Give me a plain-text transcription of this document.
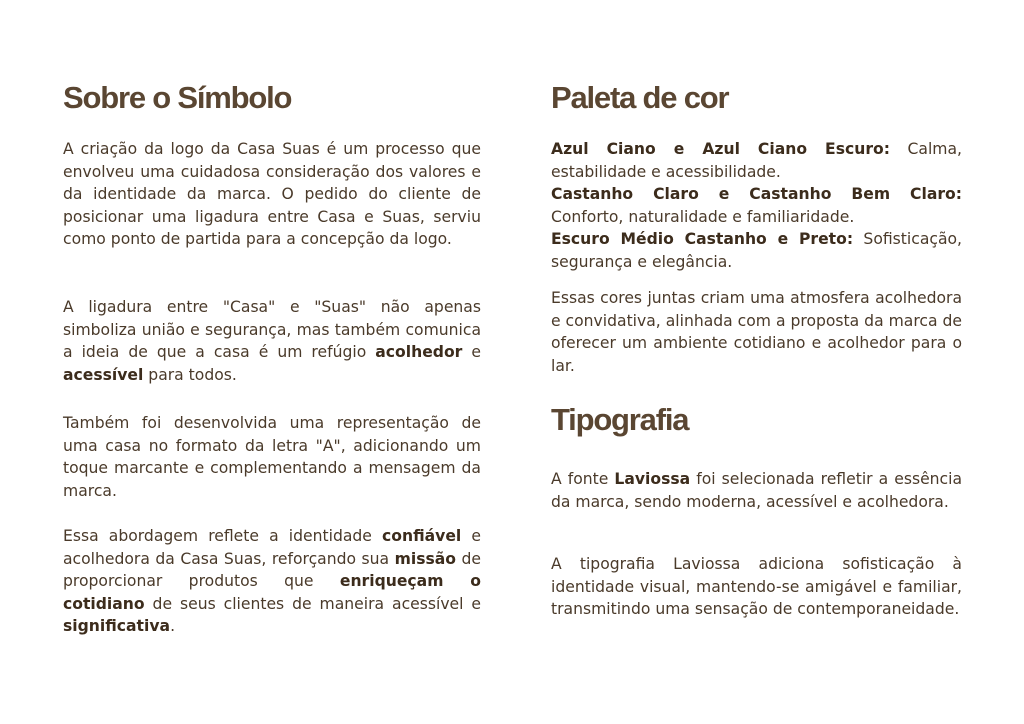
Sobre o Símbolo

A criação da logo da Casa Suas é um processo que envolveu uma cuidadosa consideração dos valores e da identidade da marca. O pedido do cliente de posicionar uma ligadura entre Casa e Suas, serviu como ponto de partida para a concepção da logo.

A ligadura entre "Casa" e "Suas" não apenas simboliza união e segurança, mas também comunica a ideia de que a casa é um refúgio acolhedor e acessível para todos.

Também foi desenvolvida uma representação de uma casa no formato da letra "A", adicionando um toque marcante e complementando a mensagem da marca.

Essa abordagem reflete a identidade confiável e acolhedora da Casa Suas, reforçando sua missão de proporcionar produtos que enriqueçam o cotidiano de seus clientes de maneira acessível e significativa.

Paleta de cor

Azul Ciano e Azul Ciano Escuro: Calma, estabilidade e acessibilidade.
Castanho Claro e Castanho Bem Claro: Conforto, naturalidade e familiaridade.
Escuro Médio Castanho e Preto: Sofisticação, segurança e elegância.

Essas cores juntas criam uma atmosfera acolhedora e convidativa, alinhada com a proposta da marca de oferecer um ambiente cotidiano e acolhedor para o lar.

Tipografia

A fonte Laviossa foi selecionada refletir a essência da marca, sendo moderna, acessível e acolhedora.

A tipografia Laviossa adiciona sofisticação à identidade visual, mantendo-se amigável e familiar, transmitindo uma sensação de contemporaneidade.
